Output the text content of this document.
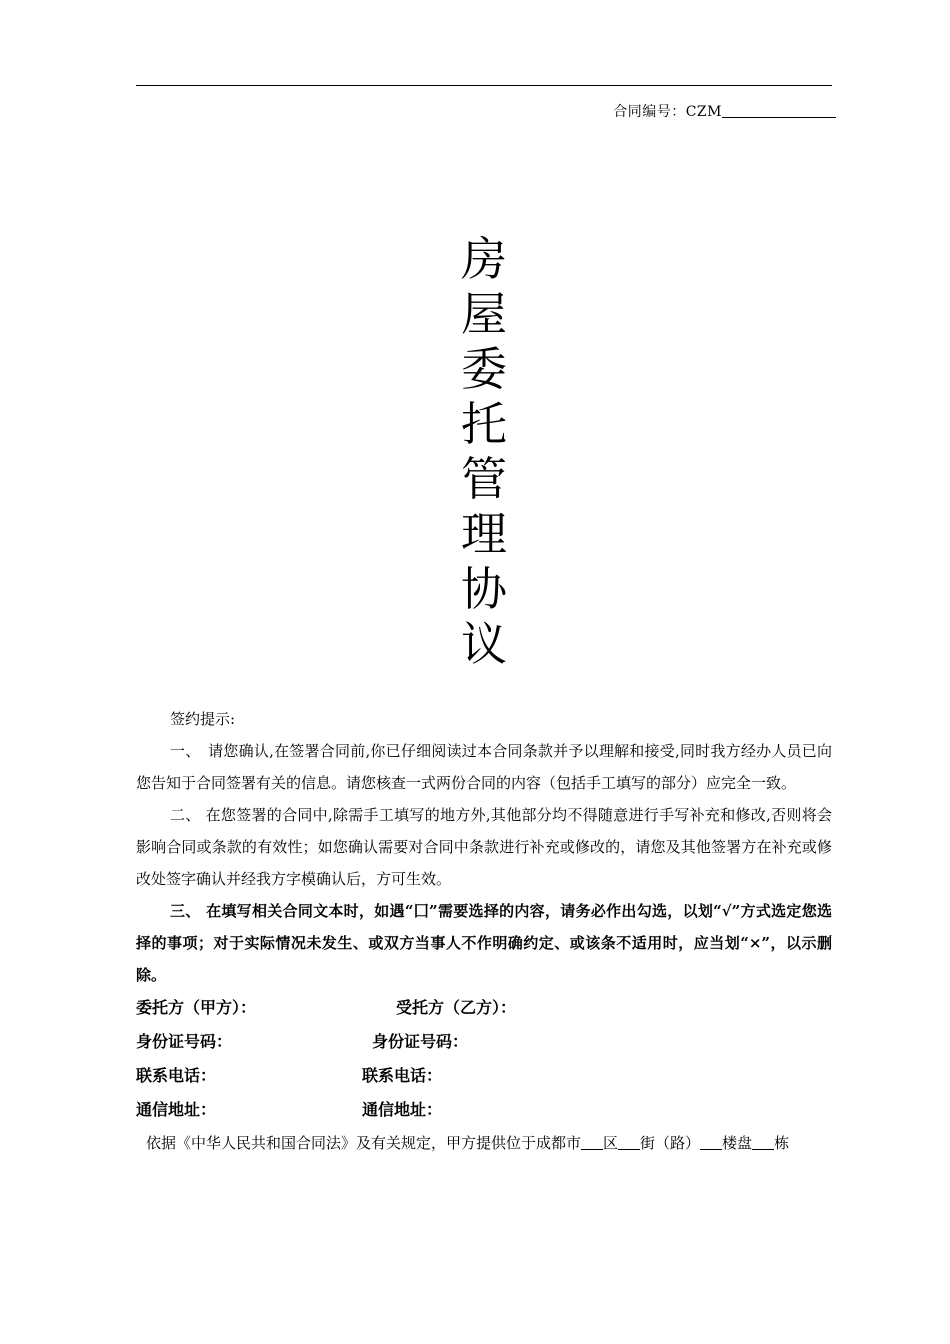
合同编号：CZM
房
屋
委
托
管
理
协
议

签约提示:

一、　请您确认,在签署合同前,你已仔细阅读过本合同条款并予以理解和接受,同时我方经办人员已向您告知于合同签署有关的信息。请您核查一式两份合同的内容（包括手工填写的部分）应完全一致。

二、 在您签署的合同中,除需手工填写的地方外,其他部分均不得随意进行手写补充和修改,否则将会影响合同或条款的有效性；如您确认需要对合同中条款进行补充或修改的，请您及其他签署方在补充或修改处签字确认并经我方字模确认后，方可生效。

三、 在填写相关合同文本时，如遇“囗”需要选择的内容，请务必作出勾选，以划“√”方式选定您选择的事项；对于实际情况未发生、或双方当事人不作明确约定、或该条不适用时，应当划“×”，以示删除。

委托方（甲方）：	受托方（乙方）：
身份证号码：	身份证号码：
联系电话：	联系电话：
通信地址：	通信地址：

依据《中华人民共和国合同法》及有关规定，甲方提供位于成都市 区 街（路） 楼盘 栋
